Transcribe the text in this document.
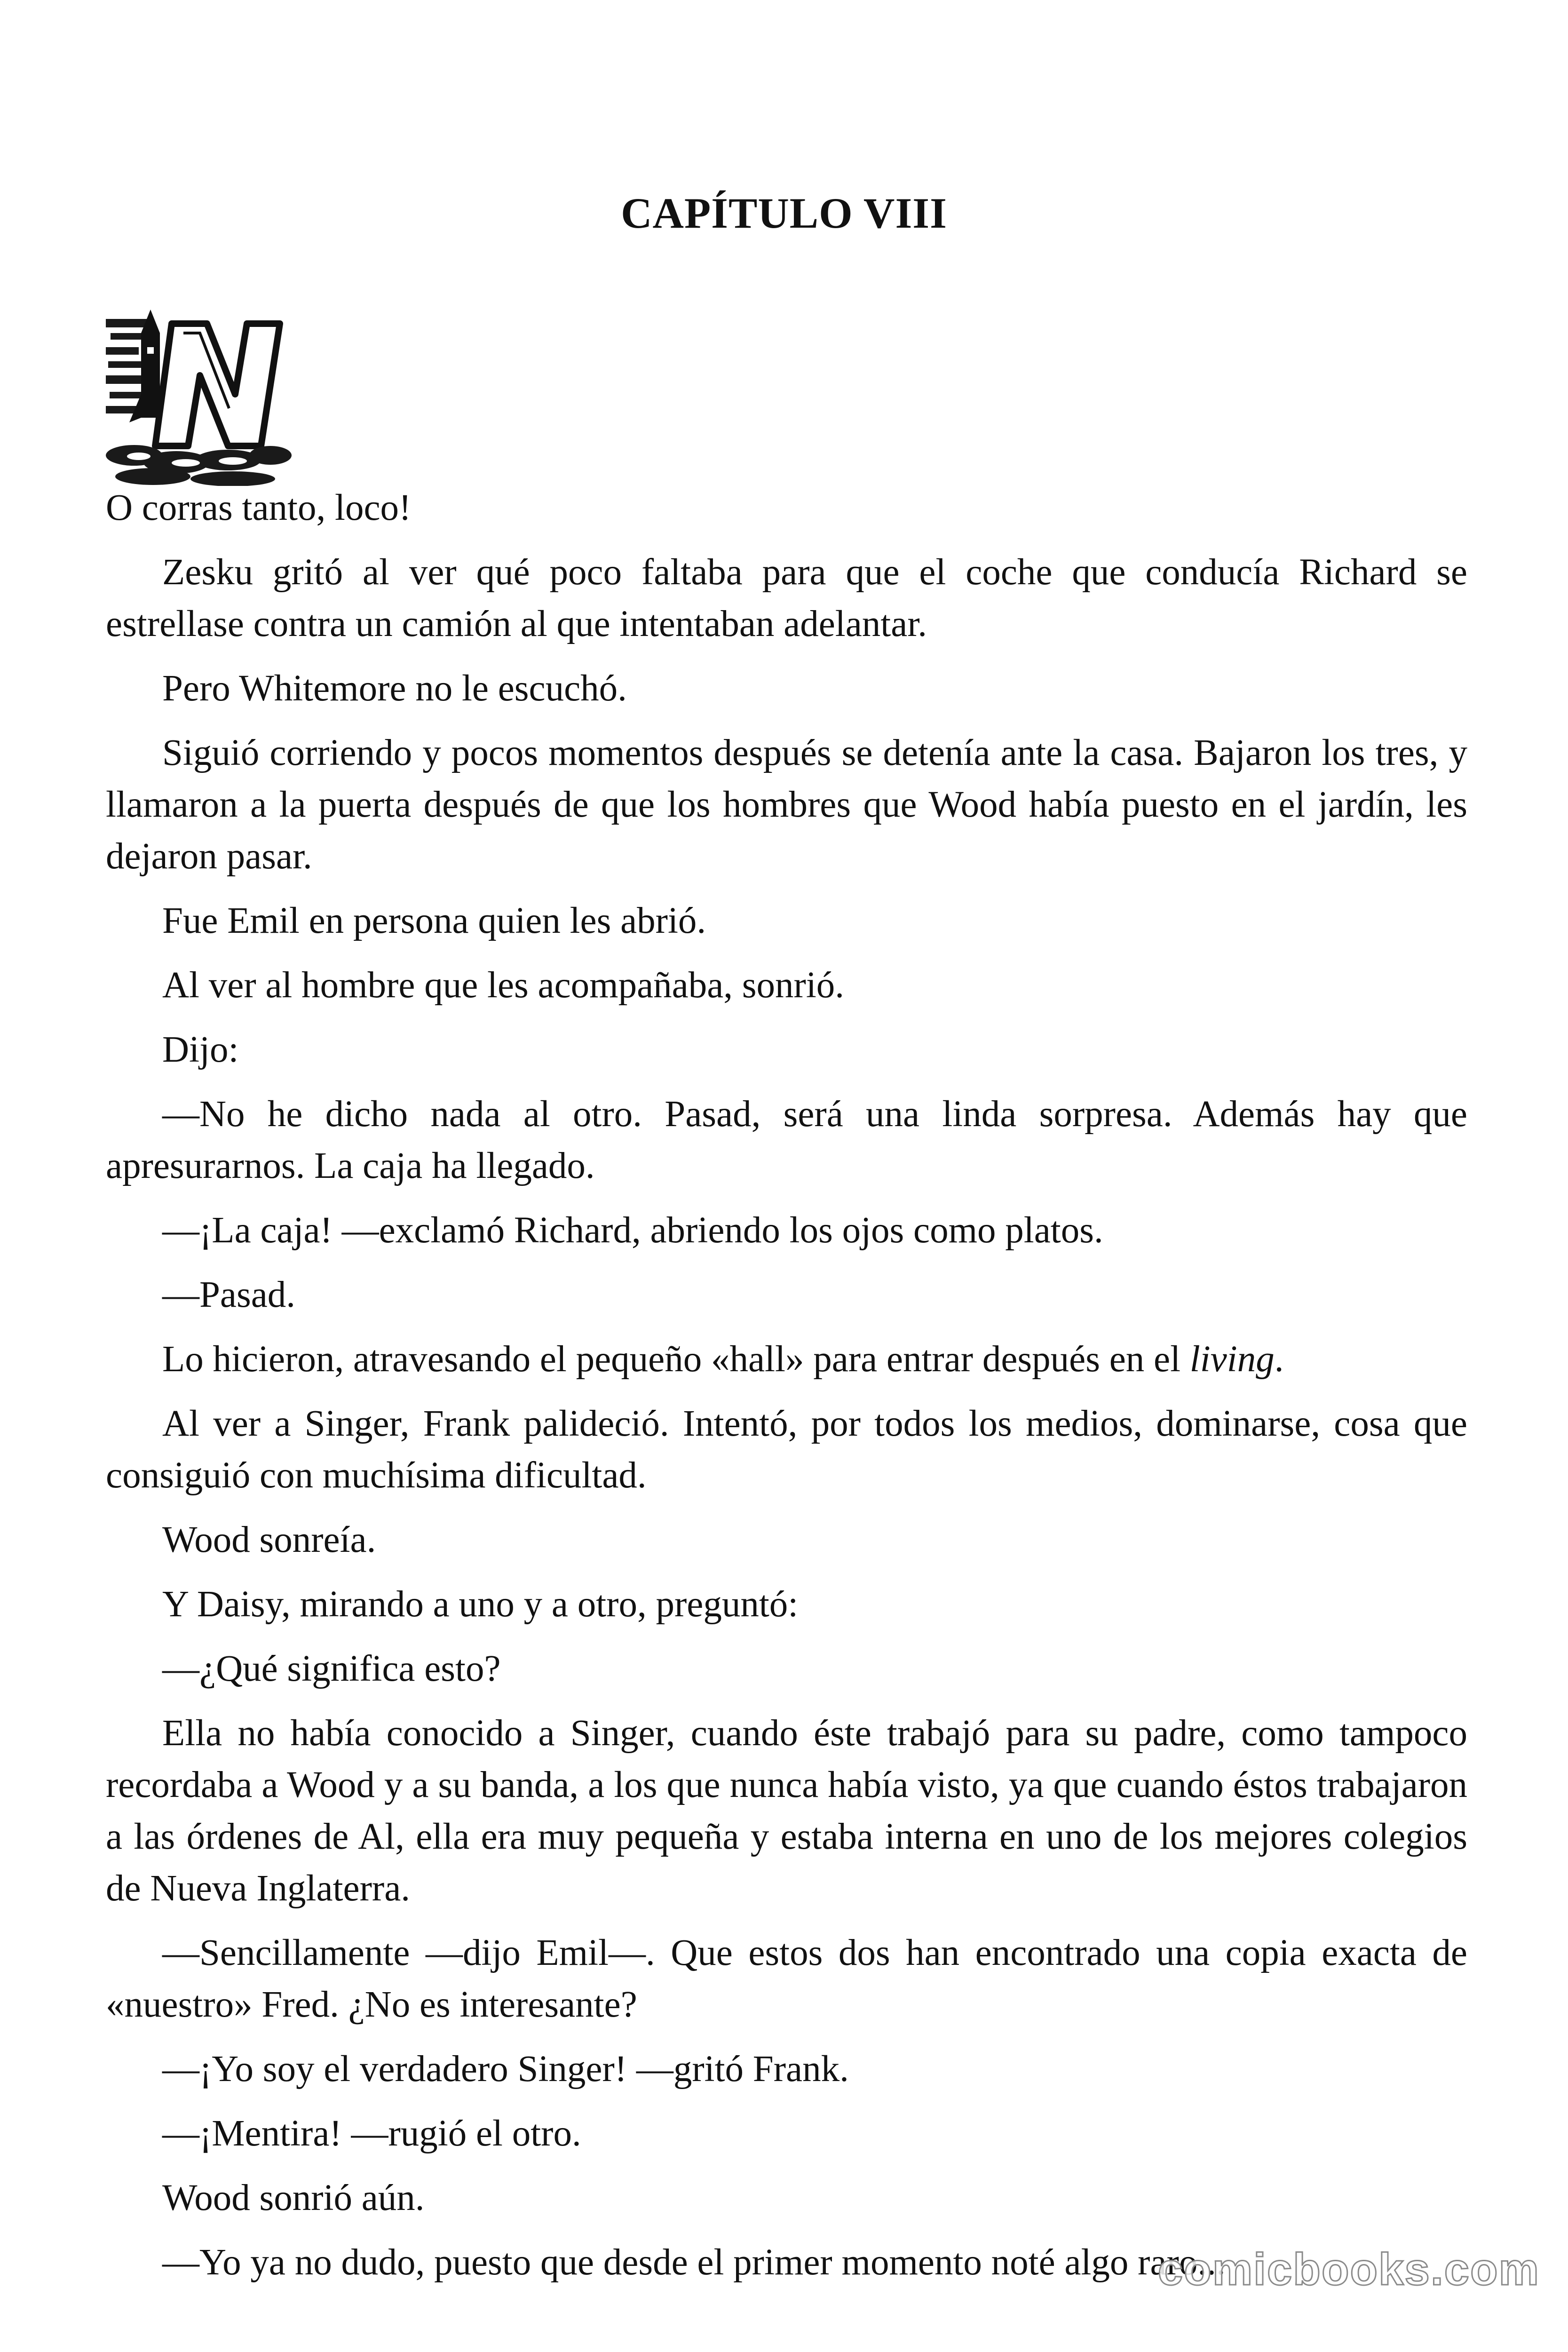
CAPÍTULO VIII

O corras tanto, loco!

Zesku gritó al ver qué poco faltaba para que el coche que conducía Richard se estrellase contra un camión al que intentaban adelantar.

Pero Whitemore no le escuchó.

Siguió corriendo y pocos momentos después se detenía ante la casa. Bajaron los tres, y llamaron a la puerta después de que los hombres que Wood había puesto en el jardín, les dejaron pasar.

Fue Emil en persona quien les abrió.

Al ver al hombre que les acompañaba, sonrió.

Dijo:

—No he dicho nada al otro. Pasad, será una linda sorpresa. Además hay que apresurarnos. La caja ha llegado.

—¡La caja! —exclamó Richard, abriendo los ojos como platos.

—Pasad.

Lo hicieron, atravesando el pequeño «hall» para entrar después en el living.

Al ver a Singer, Frank palideció. Intentó, por todos los medios, dominarse, cosa que consiguió con muchísima dificultad.

Wood sonreía.

Y Daisy, mirando a uno y a otro, preguntó:

—¿Qué significa esto?

Ella no había conocido a Singer, cuando éste trabajó para su padre, como tampoco recordaba a Wood y a su banda, a los que nunca había visto, ya que cuando éstos trabajaron a las órdenes de Al, ella era muy pequeña y estaba interna en uno de los mejores colegios de Nueva Inglaterra.

—Sencillamente —dijo Emil—. Que estos dos han encontrado una copia exacta de «nuestro» Fred. ¿No es interesante?

—¡Yo soy el verdadero Singer! —gritó Frank.

—¡Mentira! —rugió el otro.

Wood sonrió aún.

—Yo ya no dudo, puesto que desde el primer momento noté algo raro...

comicbooks.com
